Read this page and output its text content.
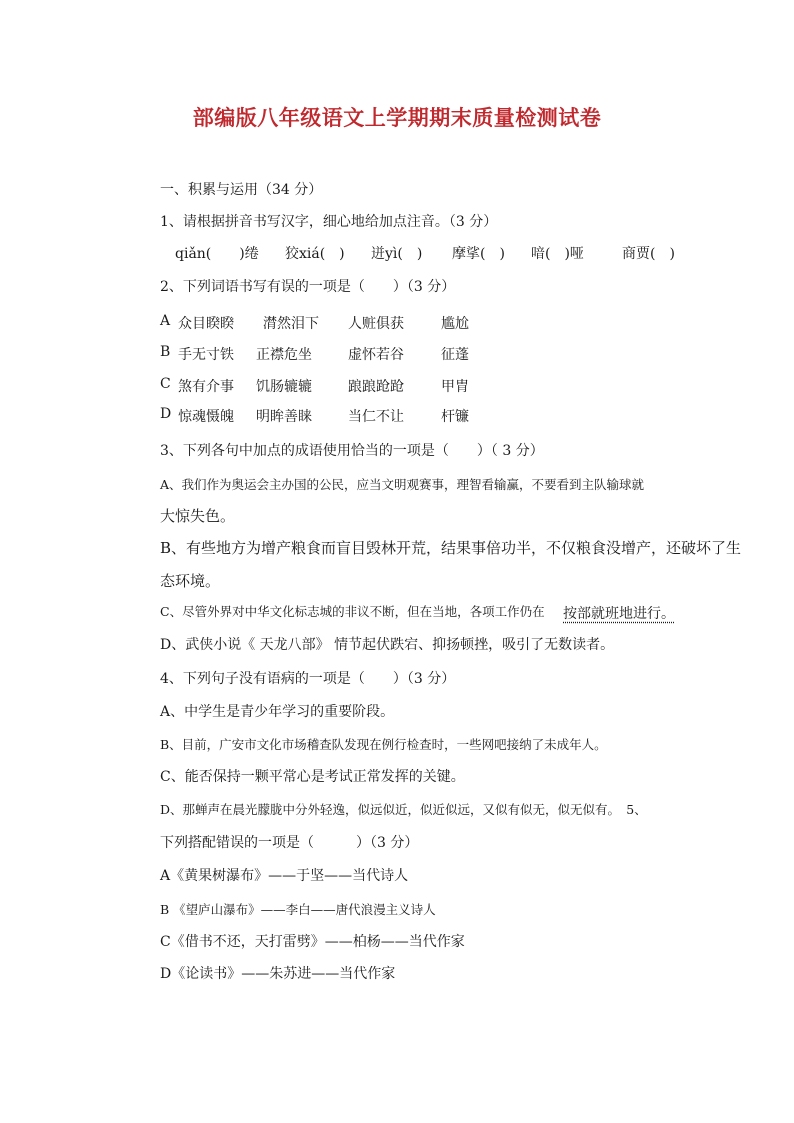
部编版八年级语文上学期期末质量检测试卷
一、积累与运用（34 分）
1、请根据拼音书写汉字，细心地给加点注音。（3 分）
qiǎn(　　)绻 狡xiá(　) 迸yì(　) 摩挲(　) 喑(　)哑	商贾(　)
2、下列词语书写有误的一项是（　　）（3 分）
A 众目睽睽 潸然泪下 人赃俱获	尴尬
B 手无寸铁 正襟危坐	虚怀若谷	征蓬
C 煞有介事 饥肠辘辘	踉踉跄跄	甲胄
D 惊魂慑魄 明眸善睐	当仁不让	杆镰
3、下列各句中加点的成语使用恰当的一项是（　　）（ 3 分）
A、我们作为奥运会主办国的公民，应当文明观赛事，理智看输赢，不要看到主队输球就
大惊失色。
B、有些地方为增产粮食而盲目毁林开荒，结果事倍功半，不仅粮食没增产，还破坏了生
态环境。
C、尽管外界对中华文化标志城的非议不断，但在当地，各项工作仍在 按部就班地进行。
D、武侠小说《 天龙八部》 情节起伏跌宕、抑扬顿挫，吸引了无数读者。
4、下列句子没有语病的一项是（　　）（3 分）
A、中学生是青少年学习的重要阶段。
B、目前，广安市文化市场稽查队发现在例行检查时，一些网吧接纳了未成年人。
C、能否保持一颗平常心是考试正常发挥的关键。
D、那蝉声在晨光朦胧中分外轻逸，似远似近，似近似远，又似有似无，似无似有。　5、
下列搭配错误的一项是（　　　）（3 分）
A《黄果树瀑布》——于坚——当代诗人
B 《望庐山瀑布》——李白——唐代浪漫主义诗人
C《借书不还，天打雷劈》——柏杨——当代作家
D《论读书》——朱苏进——当代作家
